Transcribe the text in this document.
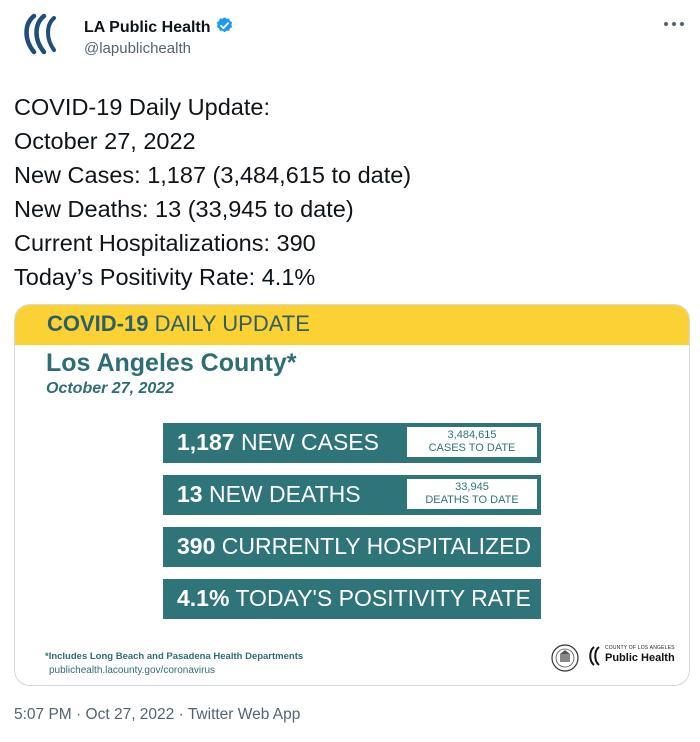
LA Public Health
@lapublichealth
COVID-19 Daily Update:
October 27, 2022
New Cases: 1,187 (3,484,615 to date)
New Deaths: 13 (33,945 to date)
Current Hospitalizations: 390
Today’s Positivity Rate: 4.1%
COVID-19 DAILY UPDATE
Los Angeles County*
October 27, 2022
1,187 NEW CASES	3,484,615
CASES TO DATE
13 NEW DEATHS	33,945
DEATHS TO DATE
390 CURRENTLY HOSPITALIZED
4.1% TODAY'S POSITIVITY RATE
*Includes Long Beach and Pasadena Health Departments
publichealth.lacounty.gov/coronavirus
COUNTY OF LOS ANGELES
Public Health
5:07 PM · Oct 27, 2022 · Twitter Web App
